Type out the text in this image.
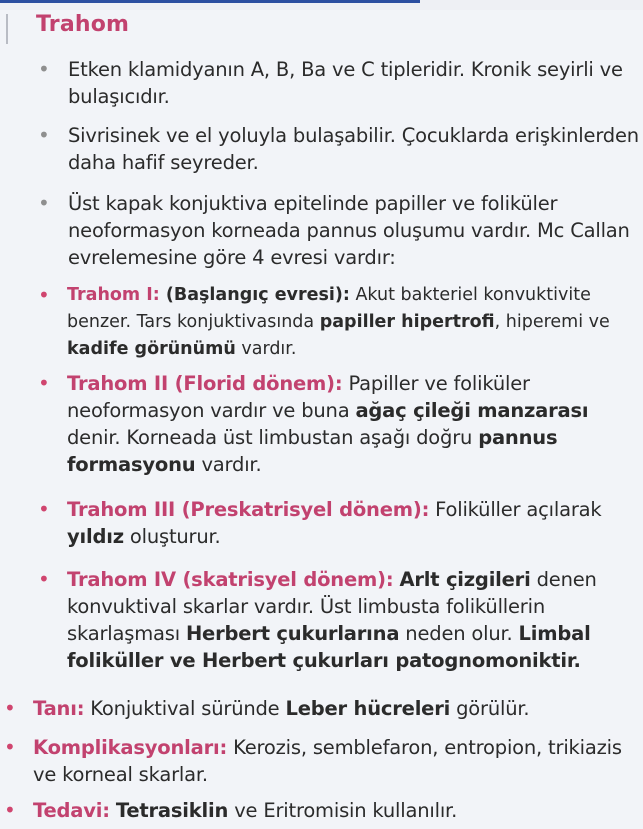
Trahom
• Etken klamidyanın A, B, Ba ve C tipleridir. Kronik seyirli ve bulaşıcıdır.

• Sivrisinek ve el yoluyla bulaşabilir. Çocuklarda erişkinlerden daha hafif seyreder.

• Üst kapak konjuktiva epitelinde papiller ve foliküler neoformasyon korneada pannus oluşumu vardır. Mc Callan evrelemesine göre 4 evresi vardır:

• Trahom I: (Başlangıç evresi): Akut bakteriel konvuktivite benzer. Tars konjuktivasında papiller hipertrofi, hiperemi ve kadife görünümü vardır.

• Trahom II (Florid dönem): Papiller ve foliküler neoformasyon vardır ve buna ağaç çileği manzarası denir. Korneada üst limbustan aşağı doğru pannus formasyonu vardır.

• Trahom III (Preskatrisyel dönem): Foliküller açılarak yıldız oluşturur.

• Trahom IV (skatrisyel dönem): Arlt çizgileri denen konvuktival skarlar vardır. Üst limbusta foliküllerin skarlaşması Herbert çukurlarına neden olur. Limbal foliküller ve Herbert çukurları patognomoniktir.

• Tanı: Konjuktival süründe Leber hücreleri görülür.

• Komplikasyonları: Kerozis, semblefaron, entropion, trikiazis ve korneal skarlar.

• Tedavi: Tetrasiklin ve Eritromisin kullanılır.
